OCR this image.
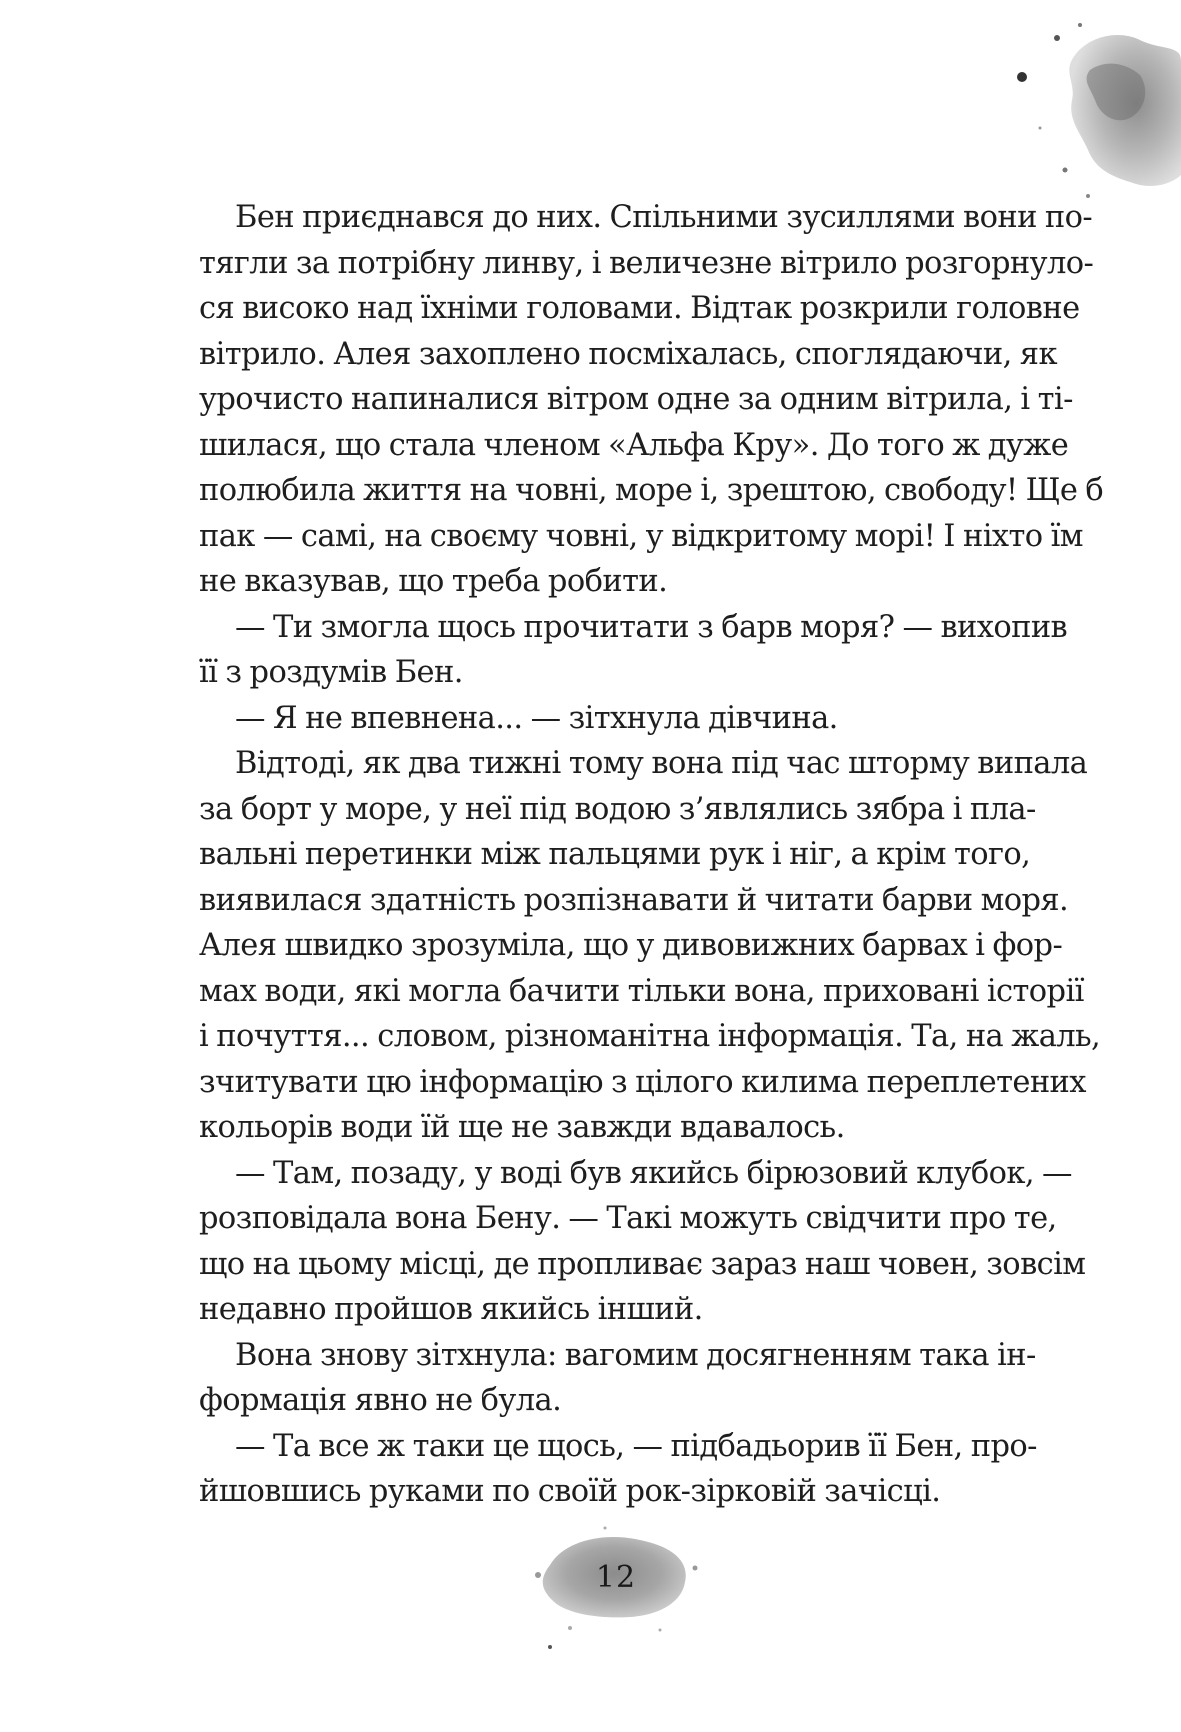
Бен приєднався до них. Спільними зусиллями вони по-
тягли за потрібну линву, і величезне вітрило розгорнуло-
ся високо над їхніми головами. Відтак розкрили головне
вітрило. Алея захоплено посміхалась, споглядаючи, як
урочисто напиналися вітром одне за одним вітрила, і ті-
шилася, що стала членом «Альфа Кру». До того ж дуже
полюбила життя на човні, море і, зрештою, свободу! Ще б
пак — самі, на своєму човні, у відкритому морі! І ніхто їм
не вказував, що треба робити.
— Ти змогла щось прочитати з барв моря? — вихопив
її з роздумів Бен.
— Я не впевнена... — зітхнула дівчина.
Відтоді, як два тижні тому вона під час шторму випала
за борт у море, у неї під водою з’являлись зябра і пла-
вальні перетинки між пальцями рук і ніг, а крім того,
виявилася здатність розпізнавати й читати барви моря.
Алея швидко зрозуміла, що у дивовижних барвах і фор-
мах води, які могла бачити тільки вона, приховані історії
і почуття... словом, різноманітна інформація. Та, на жаль,
зчитувати цю інформацію з цілого килима переплетених
кольорів води їй ще не завжди вдавалось.
— Там, позаду, у воді був якийсь бірюзовий клубок, —
розповідала вона Бену. — Такі можуть свідчити про те,
що на цьому місці, де пропливає зараз наш човен, зовсім
недавно пройшов якийсь інший.
Вона знову зітхнула: вагомим досягненням така ін-
формація явно не була.
— Та все ж таки це щось, — підбадьорив її Бен, про-
йшовшись руками по своїй рок-зірковій зачісці.
12
